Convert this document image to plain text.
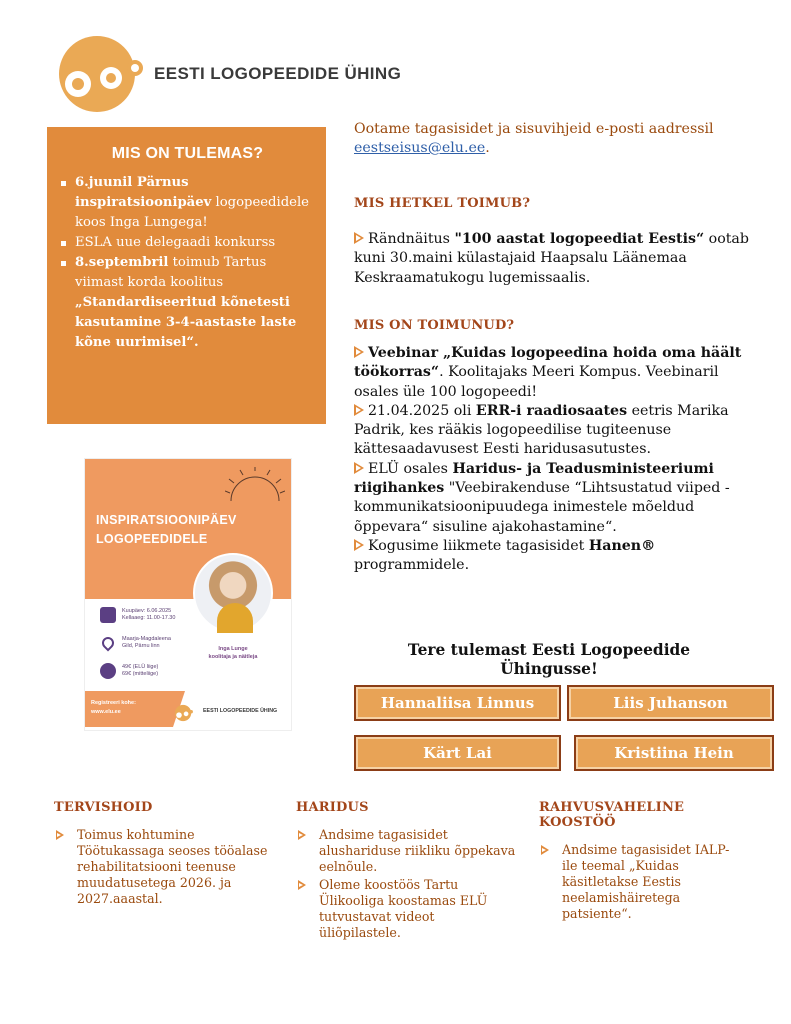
EESTI LOGOPEEDIDE ÜHING
MIS ON TULEMAS?
6.juunil Pärnus inspiratsioonipäev logopeedidele koos Inga Lungega!
ESLA uue delegaadi konkurss
8.septembril toimub Tartus viimast korda koolitus „Standardiseeritud kõnetesti kasutamine 3-4-aastaste laste kõne uurimisel“.
INSPIRATSIOONIPÄEV
LOGOPEEDIDELE
Inga Lunge
koolitaja ja näitleja
Kuupäev: 6.06.2025
Kellaaeg: 11.00-17.30
Maarja-Magdaleena Gild, Pärnu linn
49€ (ELÜ liige)
69€ (mitteliige)
Registreeri kohe:
www.elu.ee	EESTI LOGOPEEDIDE ÜHING

Ootame tagasisidet ja sisuvihjeid e-posti aadressil eestseisus@elu.ee.

MIS HETKEL TOIMUB?
Rändnäitus "100 aastat logopeediat Eestis“ ootab kuni 30.maini külastajaid Haapsalu Läänemaa Keskraamatukogu lugemissaalis.
MIS ON TOIMUNUD?
Veebinar „Kuidas logopeedina hoida oma häält töökorras“. Koolitajaks Meeri Kompus. Veebinaril osales üle 100 logopeedi!
21.04.2025 oli ERR-i raadiosaates eetris Marika Padrik, kes rääkis logopeedilise tugiteenuse kättesaadavusest Eesti haridusasutustes.
ELÜ osales Haridus- ja Teadusministeeriumi riigihankes "Veebirakenduse “Lihtsustatud viiped - kommunikatsioonipuudega inimestele mõeldud õppevara“ sisuline ajakohastamine“.
Kogusime liikmete tagasisidet Hanen® programmidele.
Tere tulemast Eesti Logopeedide Ühingusse!
Hannaliisa Linnus	Liis Juhanson
Kärt Lai	Kristiina Hein
TERVISHOID
Toimus kohtumine Töötukassaga seoses tööalase rehabilitatsiooni teenuse muudatusetega 2026. ja 2027.aaastal.
HARIDUS
Andsime tagasisidet alushariduse riikliku õppekava eelnõule.
Oleme koostöös Tartu Ülikooliga koostamas ELÜ tutvustavat videot üliõpilastele.
RAHVUSVAHELINE KOOSTÖÖ
Andsime tagasisidet IALP-ile teemal „Kuidas käsitletakse Eestis neelamishäiretega patsiente“.
